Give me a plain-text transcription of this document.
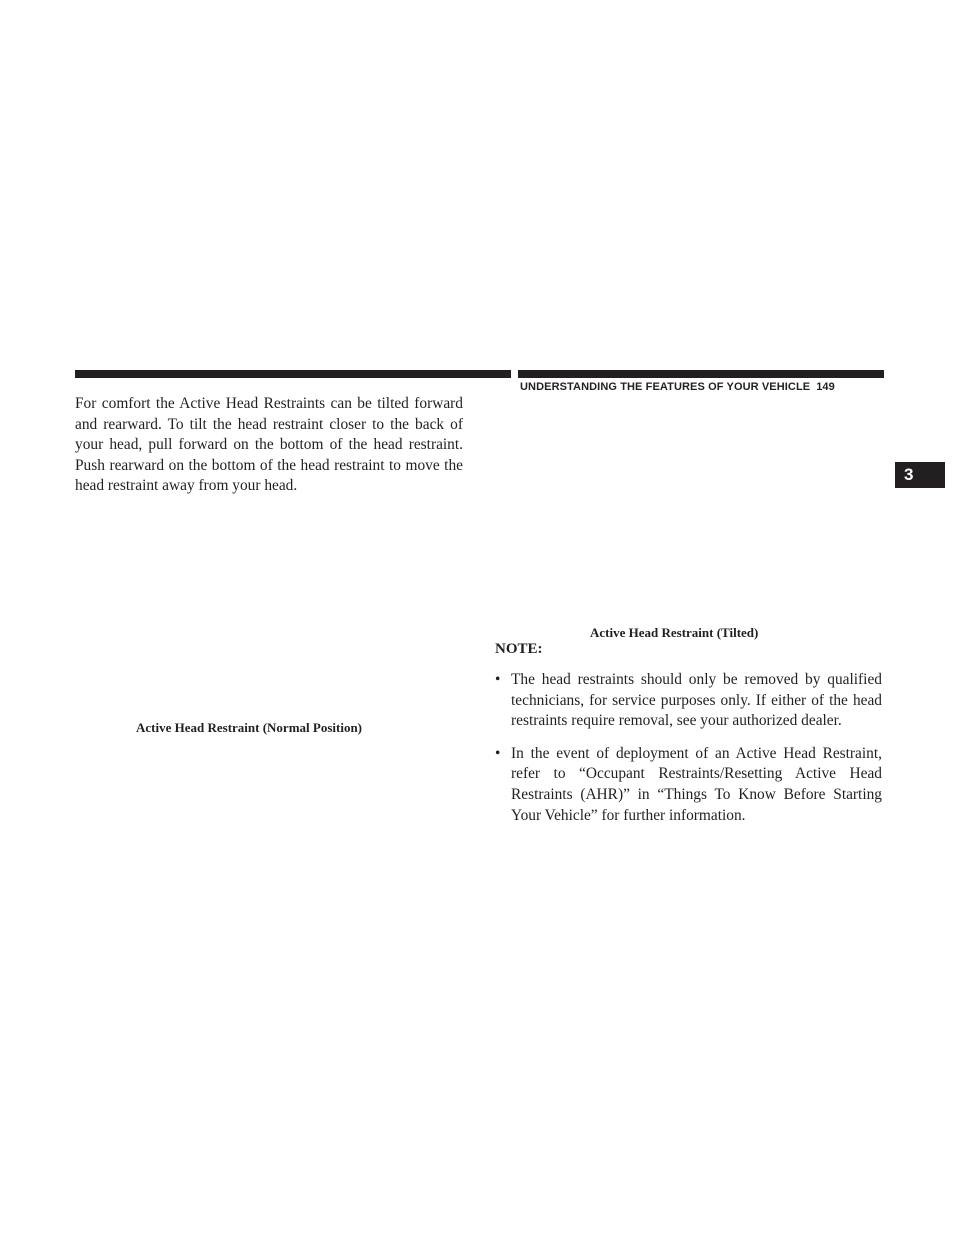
UNDERSTANDING THE FEATURES OF YOUR VEHICLE 149
3

For comfort the Active Head Restraints can be tilted forward and rearward. To tilt the head restraint closer to the back of your head, pull forward on the bottom of the head restraint. Push rearward on the bottom of the head restraint to move the head restraint away from your head.

Active Head Restraint (Normal Position)
Active Head Restraint (Tilted)
NOTE:
• The head restraints should only be removed by qualified technicians, for service purposes only. If either of the head restraints require removal, see your authorized dealer.
• In the event of deployment of an Active Head Restraint, refer to “Occupant Restraints/Resetting Active Head Restraints (AHR)” in “Things To Know Before Starting Your Vehicle” for further information.
